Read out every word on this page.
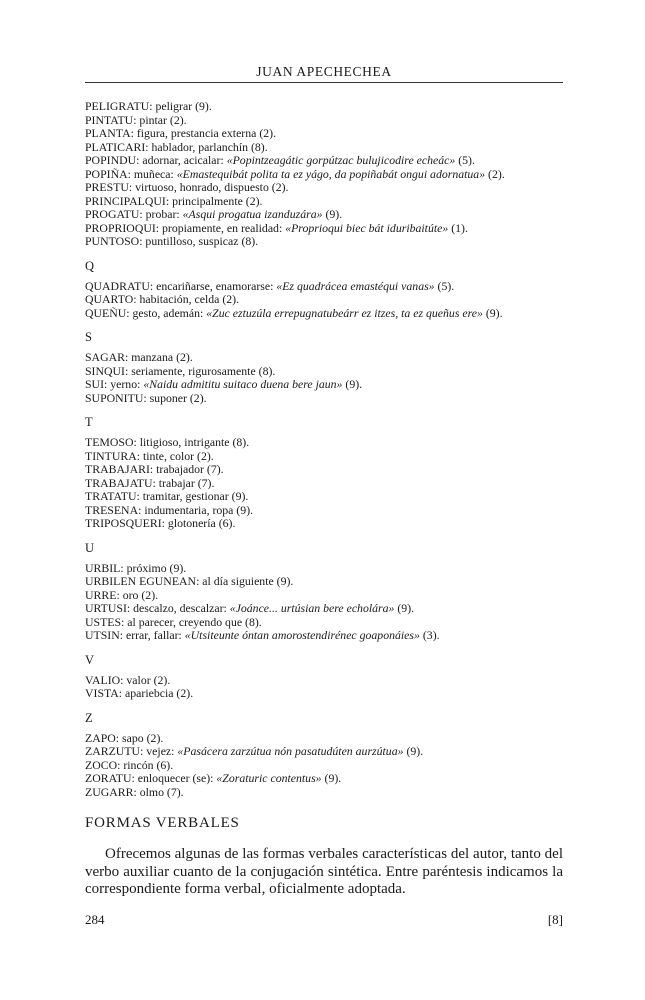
JUAN APECHECHEA
PELIGRATU: peligrar (9).
PINTATU: pintar (2).
PLANTA: figura, prestancia externa (2).
PLATICARI: hablador, parlanchín (8).
POPINDU: adornar, acicalar: «Popintzeagátic gorpútzac bulujicodire echeác» (5).
POPIÑA: muñeca: «Emastequibát polita ta ez yágo, da popiñabát ongui adornatua» (2).
PRESTU: virtuoso, honrado, dispuesto (2).
PRINCIPALQUI: principalmente (2).
PROGATU: probar: «Asqui progatua izanduzára» (9).
PROPRIOQUI: propiamente, en realidad: «Proprioqui biec bát iduribaitúte» (1).
PUNTOSO: puntilloso, suspicaz (8).
Q
QUADRATU: encariñarse, enamorarse: «Ez quadrácea emastéqui vanas» (5).
QUARTO: habitación, celda (2).
QUEÑU: gesto, ademán: «Zuc eztuzúla errepugnatubeárr ez itzes, ta ez queñus ere» (9).
S
SAGAR: manzana (2).
SINQUI: seriamente, rigurosamente (8).
SUI: yerno: «Naidu admititu suitaco duena bere jaun» (9).
SUPONITU: suponer (2).
T
TEMOSO: litigioso, intrigante (8).
TINTURA: tinte, color (2).
TRABAJARI: trabajador (7).
TRABAJATU: trabajar (7).
TRATATU: tramitar, gestionar (9).
TRESENA: indumentaria, ropa (9).
TRIPOSQUERI: glotonería (6).
U
URBIL: próximo (9).
URBILEN EGUNEAN: al día siguiente (9).
URRE: oro (2).
URTUSI: descalzo, descalzar: «Joánce... urtúsian bere echolára» (9).
USTES: al parecer, creyendo que (8).
UTSIN: errar, fallar: «Utsiteunte óntan amorostendirénec goaponáies» (3).
V
VALIO: valor (2).
VISTA: apariebcia (2).
Z
ZAPO: sapo (2).
ZARZUTU: vejez: «Pasácera zarzútua nón pasatudúten aurzútua» (9).
ZOCO: rincón (6).
ZORATU: enloquecer (se): «Zoraturic contentus» (9).
ZUGARR: olmo (7).
FORMAS VERBALES

Ofrecemos algunas de las formas verbales características del autor, tanto del verbo auxiliar cuanto de la conjugación sintética. Entre paréntesis indicamos la correspondiente forma verbal, oficialmente adoptada.

284	[8]
